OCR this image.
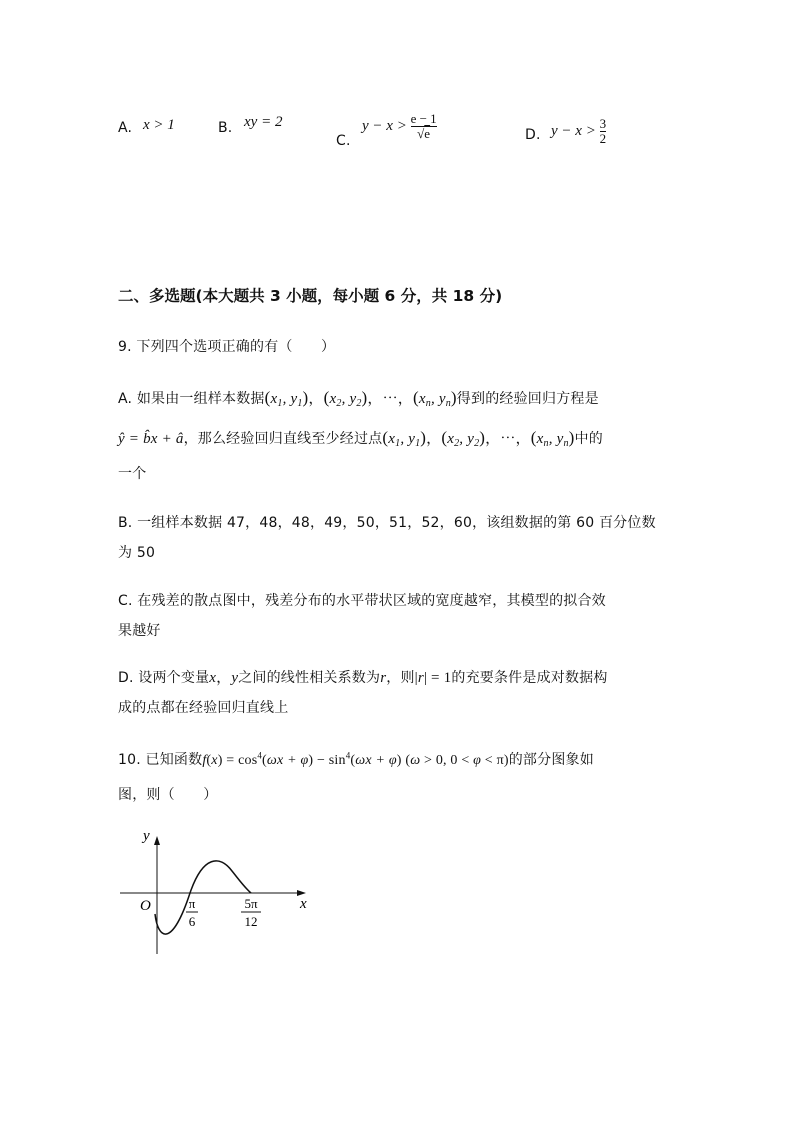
A. x > 1	B. xy = 2
C.
$y - x > \frac{e - 1}{√e}$	D. $y - x > \frac{3}{2}$
二、多选题(本大题共 3 小题，每小题 6 分，共 18 分)
9. 下列四个选项正确的有（　　）
A. 如果由一组样本数据($x_1$, $y_1$)，($x_2$, $y_2$)，⋯，($x_n$, $y_n$)得到的经验回归方程是
ŷ = b̂x + â，那么经验回归直线至少经过点($x_1$, $y_1$)，($x_2$, $y_2$)，⋯，($x_n$, $y_n$)中的
一个
B. 一组样本数据 47，48，48，49，50，51，52，60，该组数据的第 60 百分位数
为 50
C. 在残差的散点图中，残差分布的水平带状区域的宽度越窄，其模型的拟合效
果越好
D. 设两个变量x，y之间的线性相关系数为r，则|r| = 1的充要条件是成对数据构
成的点都在经验回归直线上
10. 已知函数$f(x) = \cos^4(\omega x + \varphi) - \sin^4(\omega x + \varphi) (\omega > 0$, 0 < φ < π)的部分图象如
图，则（　　）
y
x
O	π
6
5π
12
